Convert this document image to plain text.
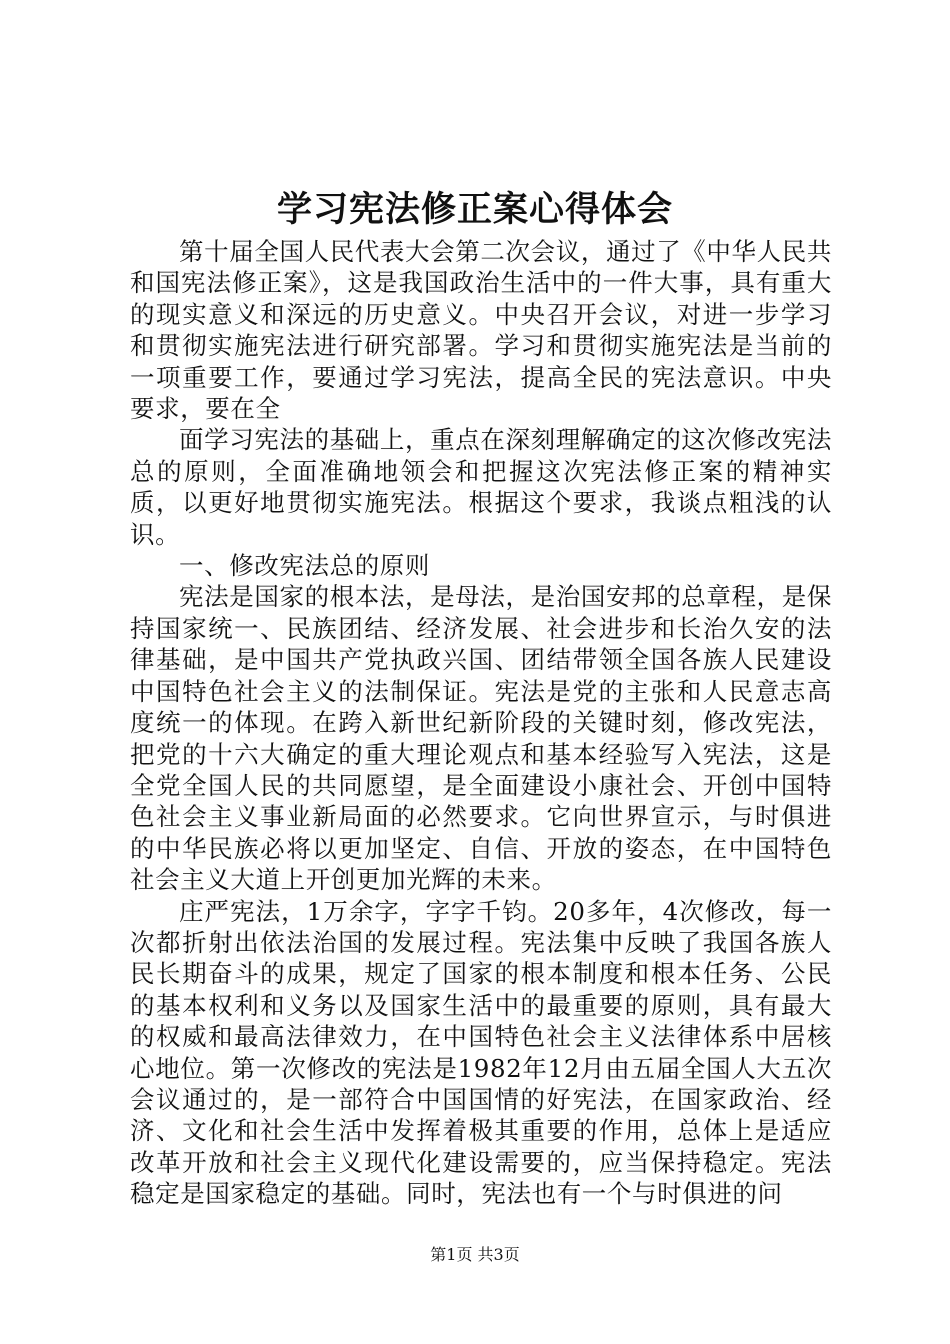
学习宪法修正案心得体会

第十届全国人民代表大会第二次会议，通过了《中华人民共和国宪法修正案》，这是我国政治生活中的一件大事，具有重大的现实意义和深远的历史意义。中央召开会议，对进一步学习和贯彻实施宪法进行研究部署。学习和贯彻实施宪法是当前的一项重要工作，要通过学习宪法，提高全民的宪法意识。中央要求，要在全

面学习宪法的基础上，重点在深刻理解确定的这次修改宪法总的原则，全面准确地领会和把握这次宪法修正案的精神实质，以更好地贯彻实施宪法。根据这个要求，我谈点粗浅的认识。

一、修改宪法总的原则

宪法是国家的根本法，是母法，是治国安邦的总章程，是保持国家统一、民族团结、经济发展、社会进步和长治久安的法律基础，是中国共产党执政兴国、团结带领全国各族人民建设中国特色社会主义的法制保证。宪法是党的主张和人民意志高度统一的体现。在跨入新世纪新阶段的关键时刻，修改宪法，把党的十六大确定的重大理论观点和基本经验写入宪法，这是全党全国人民的共同愿望，是全面建设小康社会、开创中国特色社会主义事业新局面的必然要求。它向世界宣示，与时俱进的中华民族必将以更加坚定、自信、开放的姿态，在中国特色社会主义大道上开创更加光辉的未来。

庄严宪法，1万余字，字字千钧。20多年，4次修改，每一次都折射出依法治国的发展过程。宪法集中反映了我国各族人民长期奋斗的成果，规定了国家的根本制度和根本任务、公民的基本权利和义务以及国家生活中的最重要的原则，具有最大的权威和最高法律效力，在中国特色社会主义法律体系中居核心地位。第一次修改的宪法是1982年12月由五届全国人大五次会议通过的，是一部符合中国国情的好宪法，在国家政治、经济、文化和社会生活中发挥着极其重要的作用，总体上是适应改革开放和社会主义现代化建设需要的，应当保持稳定。宪法稳定是国家稳定的基础。同时，宪法也有一个与时俱进的问

第1页 共3页
